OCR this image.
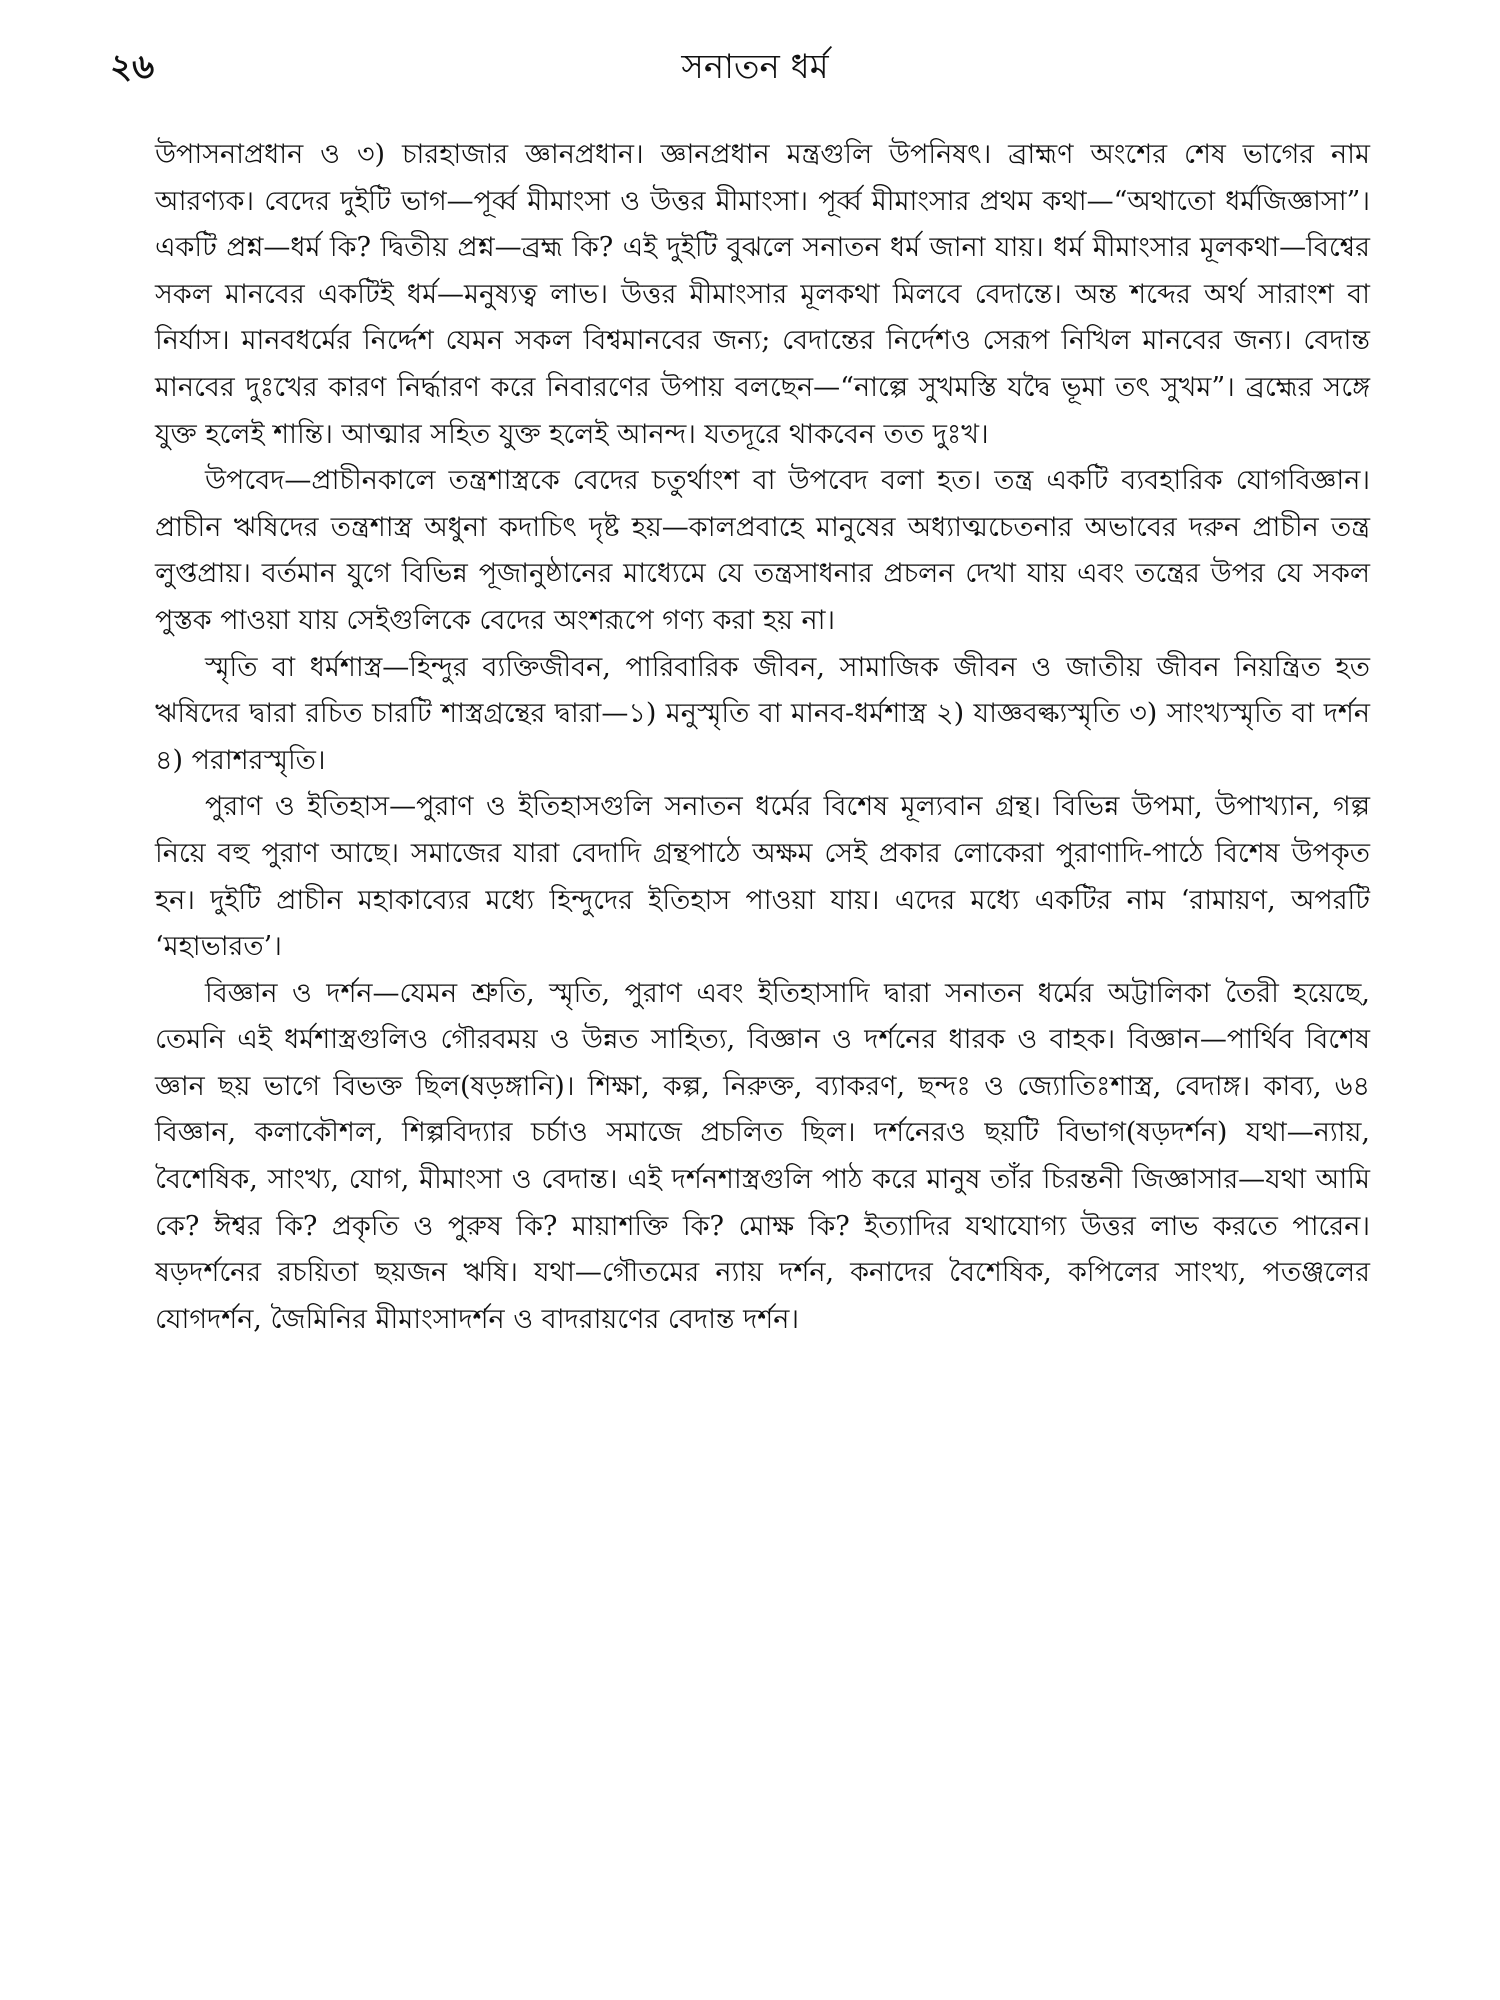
২৬	সনাতন ধর্ম

উপাসনাপ্রধান ও ৩) চারহাজার জ্ঞানপ্রধান। জ্ঞানপ্রধান মন্ত্রগুলি উপনিষৎ। ব্রাহ্মণ অংশের শেষ ভাগের নাম আরণ্যক। বেদের দুইটি ভাগ—পূর্ব্ব মীমাংসা ও উত্তর মীমাংসা। পূর্ব্ব মীমাংসার প্রথম কথা—“অথাতো ধর্মজিজ্ঞাসা”। একটি প্রশ্ন—ধর্ম কি? দ্বিতীয় প্রশ্ন—ব্রহ্ম কি? এই দুইটি বুঝলে সনাতন ধর্ম জানা যায়। ধর্ম মীমাংসার মূলকথা—বিশ্বের সকল মানবের একটিই ধর্ম—মনুষ্যত্ব লাভ। উত্তর মীমাংসার মূলকথা মিলবে বেদান্তে। অন্ত শব্দের অর্থ সারাংশ বা নির্যাস। মানবধর্মের নির্দ্দেশ যেমন সকল বিশ্বমানবের জন্য; বেদান্তের নির্দেশও সেরূপ নিখিল মানবের জন্য। বেদান্ত মানবের দুঃখের কারণ নির্দ্ধারণ করে নিবারণের উপায় বলছেন—“নাল্পে সুখমস্তি যদ্বৈ ভূমা তৎ সুখম”। ব্রহ্মের সঙ্গে যুক্ত হলেই শান্তি। আত্মার সহিত যুক্ত হলেই আনন্দ। যতদূরে থাকবেন তত দুঃখ।

উপবেদ—প্রাচীনকালে তন্ত্রশাস্ত্রকে বেদের চতুর্থাংশ বা উপবেদ বলা হত। তন্ত্র একটি ব্যবহারিক যোগবিজ্ঞান। প্রাচীন ঋষিদের তন্ত্রশাস্ত্র অধুনা কদাচিৎ দৃষ্ট হয়—কালপ্রবাহে মানুষের অধ্যাত্মচেতনার অভাবের দরুন প্রাচীন তন্ত্র লুপ্তপ্রায়। বর্তমান যুগে বিভিন্ন পূজানুষ্ঠানের মাধ্যেমে যে তন্ত্রসাধনার প্রচলন দেখা যায় এবং তন্ত্রের উপর যে সকল পুস্তক পাওয়া যায় সেইগুলিকে বেদের অংশরূপে গণ্য করা হয় না।

স্মৃতি বা ধর্মশাস্ত্র—হিন্দুর ব্যক্তিজীবন, পারিবারিক জীবন, সামাজিক জীবন ও জাতীয় জীবন নিয়ন্ত্রিত হত ঋষিদের দ্বারা রচিত চারটি শাস্ত্রগ্রন্থের দ্বারা—১) মনুস্মৃতি বা মানব-ধর্মশাস্ত্র ২) যাজ্ঞবল্ক্যস্মৃতি ৩) সাংখ্যস্মৃতি বা দর্শন ৪) পরাশরস্মৃতি।

পুরাণ ও ইতিহাস—পুরাণ ও ইতিহাসগুলি সনাতন ধর্মের বিশেষ মূল্যবান গ্রন্থ। বিভিন্ন উপমা, উপাখ্যান, গল্প নিয়ে বহু পুরাণ আছে। সমাজের যারা বেদাদি গ্রন্থপাঠে অক্ষম সেই প্রকার লোকেরা পুরাণাদি-পাঠে বিশেষ উপকৃত হন। দুইটি প্রাচীন মহাকাব্যের মধ্যে হিন্দুদের ইতিহাস পাওয়া যায়। এদের মধ্যে একটির নাম ‘রামায়ণ, অপরটি ‘মহাভারত’।

বিজ্ঞান ও দর্শন—যেমন শ্রুতি, স্মৃতি, পুরাণ এবং ইতিহাসাদি দ্বারা সনাতন ধর্মের অট্টালিকা তৈরী হয়েছে, তেমনি এই ধর্মশাস্ত্রগুলিও গৌরবময় ও উন্নত সাহিত্য, বিজ্ঞান ও দর্শনের ধারক ও বাহক। বিজ্ঞান—পার্থিব বিশেষ জ্ঞান ছয় ভাগে বিভক্ত ছিল(ষড়ঙ্গানি)। শিক্ষা, কল্প, নিরুক্ত, ব্যাকরণ, ছন্দঃ ও জ্যোতিঃশাস্ত্র, বেদাঙ্গ। কাব্য, ৬৪ বিজ্ঞান, কলাকৌশল, শিল্পবিদ্যার চর্চাও সমাজে প্রচলিত ছিল। দর্শনেরও ছয়টি বিভাগ(ষড়দর্শন) যথা—ন্যায়, বৈশেষিক, সাংখ্য, যোগ, মীমাংসা ও বেদান্ত। এই দর্শনশাস্ত্রগুলি পাঠ করে মানুষ তাঁর চিরন্তনী জিজ্ঞাসার—যথা আমি কে? ঈশ্বর কি? প্রকৃতি ও পুরুষ কি? মায়াশক্তি কি? মোক্ষ কি? ইত্যাদির যথাযোগ্য উত্তর লাভ করতে পারেন। ষড়দর্শনের রচয়িতা ছয়জন ঋষি। যথা—গৌতমের ন্যায় দর্শন, কনাদের বৈশেষিক, কপিলের সাংখ্য, পতঞ্জলের যোগদর্শন, জৈমিনির মীমাংসাদর্শন ও বাদরায়ণের বেদান্ত দর্শন।
